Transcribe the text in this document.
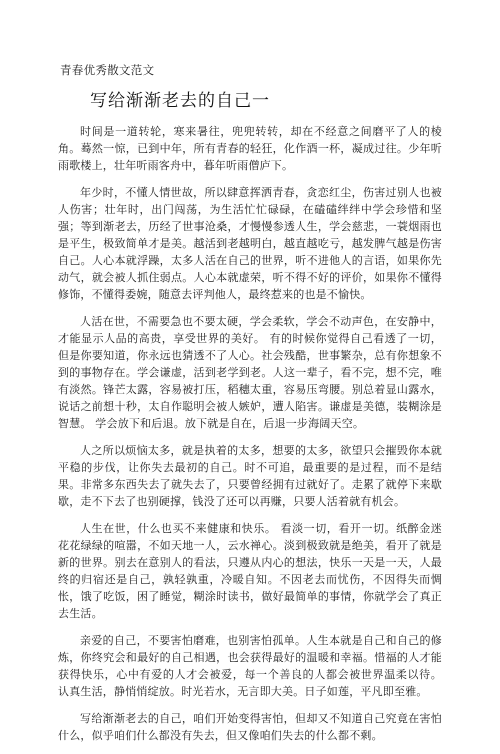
青春优秀散文范文
写给渐渐老去的自己一

时间是一道转轮，寒来暑往，兜兜转转，却在不经意之间磨平了人的棱角。蓦然一惊，已到中年，所有青春的轻狂，化作酒一杯，凝成过往。少年听雨歌楼上，壮年听雨客舟中，暮年听雨僧庐下。

年少时，不懂人情世故，所以肆意挥洒青春，贪恋红尘，伤害过别人也被人伤害；壮年时，出门闯荡，为生活忙忙碌碌，在磕磕绊绊中学会珍惜和坚强；等到渐老去，历经了世事沧桑，才慢慢参透人生，学会慈悲，一蓑烟雨也是平生，极致简单才是美。越活到老越明白，越直越吃亏，越发脾气越是伤害自己。人心本就浮躁，太多人活在自己的世界，听不进他人的言语，如果你先动气，就会被人抓住弱点。人心本就虚荣，听不得不好的评价，如果你不懂得修饰，不懂得委婉，随意去评判他人，最终惹来的也是不愉快。

人活在世，不需要急也不要太硬，学会柔软，学会不动声色，在安静中，才能显示人品的高贵，享受世界的美好。 有的时候你觉得自己看透了一切，但是你要知道，你永远也猜透不了人心。社会残酷，世事繁杂，总有你想象不到的事物存在。学会谦虚，活到老学到老。人这一辈子，看不完，想不完，唯有淡然。锋芒太露，容易被打压，稻穗太重，容易压弯腰。别总着显山露水，说话之前想十秒，太自作聪明会被人嫉妒，遭人陷害。谦虚是美德，装糊涂是智慧。 学会放下和后退。放下就是自在，后退一步海阔天空。

人之所以烦恼太多，就是执着的太多，想要的太多，欲望只会摧毁你本就平稳的步伐，让你失去最初的自己。时不可追，最重要的是过程，而不是结果。非常多东西失去了就失去了，只要曾经拥有过就好了。走累了就停下来歇歇，走不下去了也别硬撑，钱没了还可以再赚，只要人活着就有机会。

人生在世，什么也买不来健康和快乐。 看淡一切，看开一切。纸醉金迷花花绿绿的喧嚣，不如天地一人，云水禅心。淡到极致就是绝美，看开了就是新的世界。别去在意别人的看法，只遵从内心的想法，快乐一天是一天，人最终的归宿还是自己，孰轻孰重，冷暖自知。不因老去而忧伤，不因得失而惆怅，饿了吃饭，困了睡觉，糊涂时读书，做好最简单的事情，你就学会了真正去生活。

亲爱的自己，不要害怕磨难，也别害怕孤单。人生本就是自己和自己的修炼，你终究会和最好的自己相遇，也会获得最好的温暖和幸福。惜福的人才能获得快乐，心中有爱的人才会被爱，每一个善良的人都会被世界温柔以待。 认真生活，静悄悄绽放。时光若水，无言即大美。日子如莲，平凡即至雅。

写给渐渐老去的自己，咱们开始变得害怕，但却又不知道自己究竟在害怕什么，似乎咱们什么都没有失去，但又像咱们失去的什么都不剩。
